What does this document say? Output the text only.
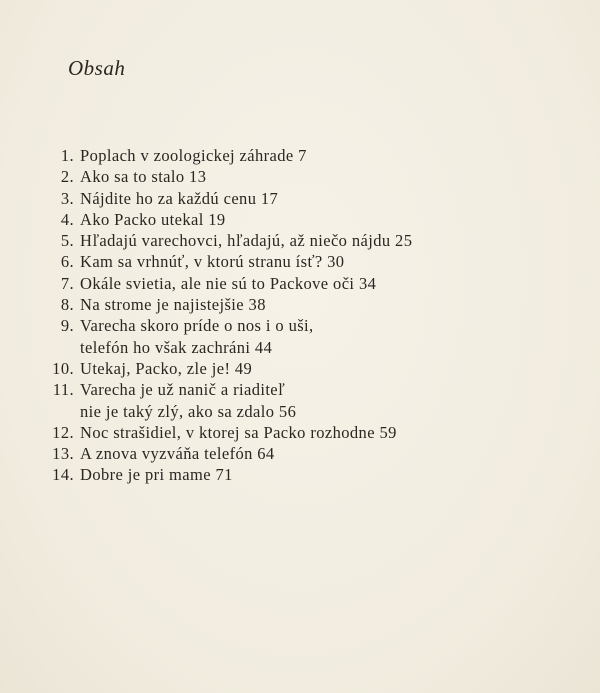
Obsah
1. Poplach v zoologickej záhrade 7
2. Ako sa to stalo 13
3. Nájdite ho za každú cenu 17
4. Ako Packo utekal 19
5. Hľadajú varechovci, hľadajú, až niečo nájdu 25
6. Kam sa vrhnúť, v ktorú stranu ísť? 30
7. Okále svietia, ale nie sú to Packove oči 34
8. Na strome je najistejšie 38
9. Varecha skoro príde o nos i o uši,
telefón ho však zachráni 44
10. Utekaj, Packo, zle je! 49
11. Varecha je už nanič a riaditeľ
nie je taký zlý, ako sa zdalo 56
12. Noc strašidiel, v ktorej sa Packo rozhodne 59
13. A znova vyzváňa telefón 64
14. Dobre je pri mame 71
